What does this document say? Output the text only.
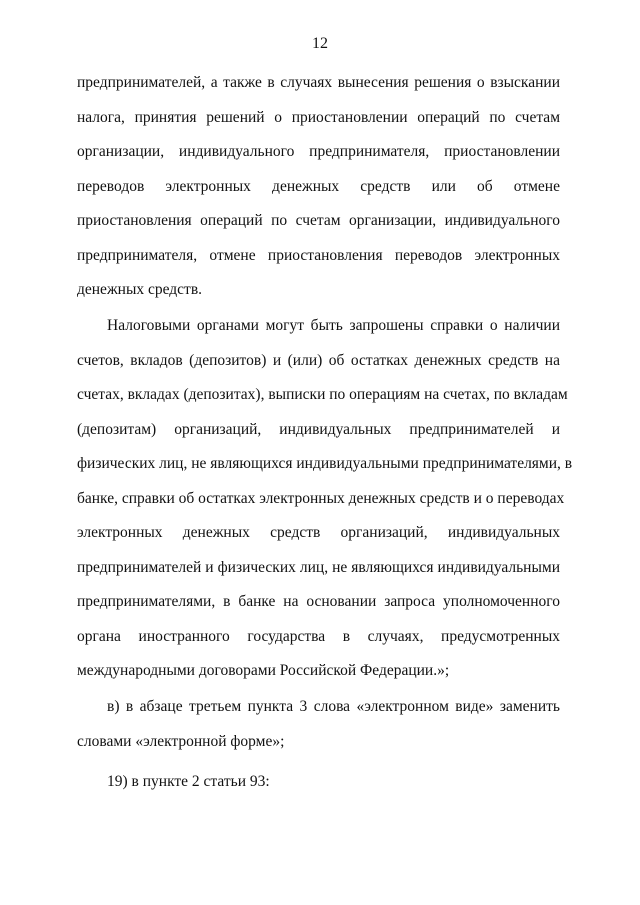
12
предпринимателей, а также в случаях вынесения решения о взыскании
налога, принятия решений о приостановлении операций по счетам
организации, индивидуального предпринимателя, приостановлении
переводов электронных денежных средств или об отмене
приостановления операций по счетам организации, индивидуального
предпринимателя, отмене приостановления переводов электронных
денежных средств.
Налоговыми органами могут быть запрошены справки о наличии
счетов, вкладов (депозитов) и (или) об остатках денежных средств на
счетах, вкладах (депозитах), выписки по операциям на счетах, по вкладам
(депозитам) организаций, индивидуальных предпринимателей и
физических лиц, не являющихся индивидуальными предпринимателями, в
банке, справки об остатках электронных денежных средств и о переводах
электронных денежных средств организаций, индивидуальных
предпринимателей и физических лиц, не являющихся индивидуальными
предпринимателями, в банке на основании запроса уполномоченного
органа иностранного государства в случаях, предусмотренных
международными договорами Российской Федерации.»;
в) в абзаце третьем пункта 3 слова «электронном виде» заменить
словами «электронной форме»;
19) в пункте 2 статьи 93:
